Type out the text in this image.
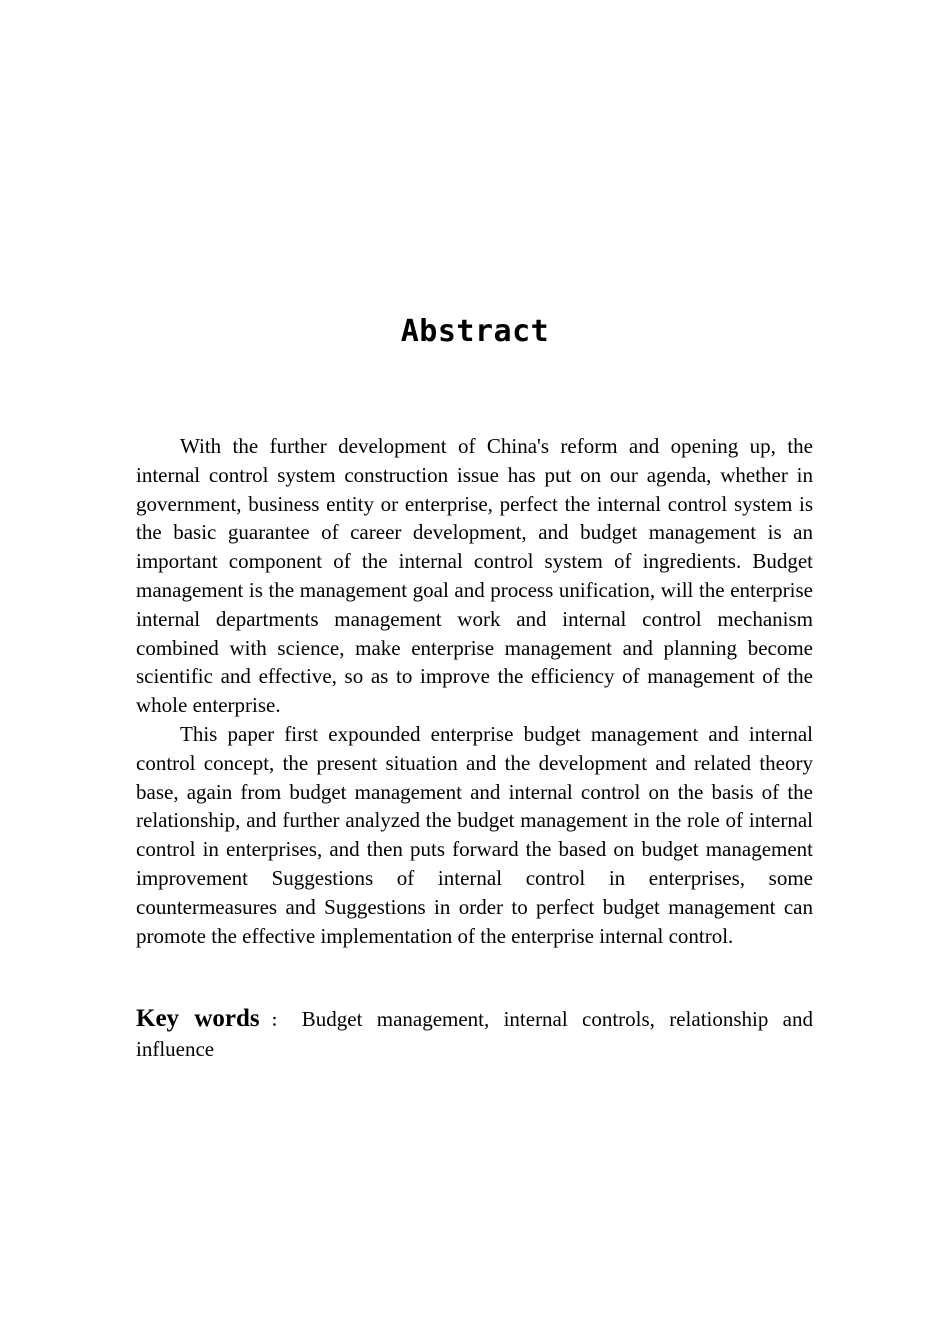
Abstract

With the further development of China's reform and opening up, the internal control system construction issue has put on our agenda, whether in government, business entity or enterprise, perfect the internal control system is the basic guarantee of career development, and budget management is an important component of the internal control system of ingredients. Budget management is the management goal and process unification, will the enterprise internal departments management work and internal control mechanism combined with science, make enterprise management and planning become scientific and effective, so as to improve the efficiency of management of the whole enterprise.

This paper first expounded enterprise budget management and internal control concept, the present situation and the development and related theory base, again from budget management and internal control on the basis of the relationship, and further analyzed the budget management in the role of internal control in enterprises, and then puts forward the based on budget management improvement Suggestions of internal control in enterprises, some countermeasures and Suggestions in order to perfect budget management can promote the effective implementation of the enterprise internal control.

Key words ： Budget management, internal controls, relationship and influence
